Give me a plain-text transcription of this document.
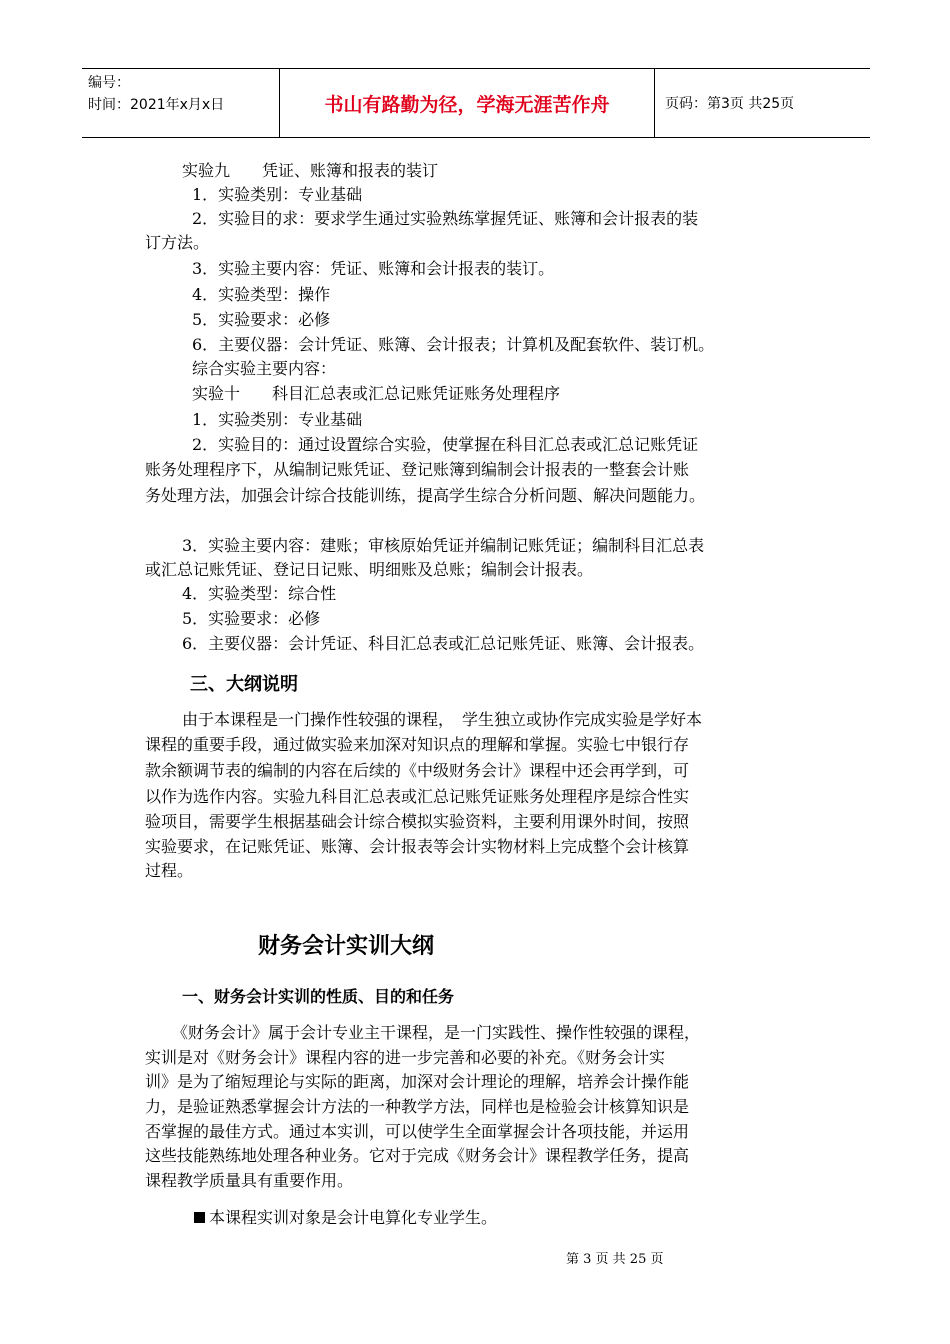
编号：
时间：2021年x月x日	书山有路勤为径，学海无涯苦作舟	页码：第3页 共25页
实验九　　凭证、账簿和报表的装订
1．实验类别：专业基础
2．实验目的求：要求学生通过实验熟练掌握凭证、账簿和会计报表的装
订方法。
3．实验主要内容：凭证、账簿和会计报表的装订。
4．实验类型：操作
5．实验要求：必修
6．主要仪器：会计凭证、账簿、会计报表；计算机及配套软件、装订机。
综合实验主要内容：
实验十　　科目汇总表或汇总记账凭证账务处理程序
1．实验类别：专业基础
2．实验目的：通过设置综合实验，使掌握在科目汇总表或汇总记账凭证
账务处理程序下，从编制记账凭证、登记账簿到编制会计报表的一整套会计账
务处理方法，加强会计综合技能训练，提高学生综合分析问题、解决问题能力。
3．实验主要内容：建账；审核原始凭证并编制记账凭证；编制科目汇总表
或汇总记账凭证、登记日记账、明细账及总账；编制会计报表。
4．实验类型：综合性
5．实验要求：必修
6．主要仪器：会计凭证、科目汇总表或汇总记账凭证、账簿、会计报表。
三、大纲说明
由于本课程是一门操作性较强的课程，　学生独立或协作完成实验是学好本
课程的重要手段，通过做实验来加深对知识点的理解和掌握。实验七中银行存
款余额调节表的编制的内容在后续的《中级财务会计》课程中还会再学到，可
以作为选作内容。实验九科目汇总表或汇总记账凭证账务处理程序是综合性实
验项目，需要学生根据基础会计综合模拟实验资料，主要利用课外时间，按照
实验要求，在记账凭证、账簿、会计报表等会计实物材料上完成整个会计核算
过程。
财务会计实训大纲
一、财务会计实训的性质、目的和任务
《财务会计》属于会计专业主干课程，是一门实践性、操作性较强的课程，
实训是对《财务会计》课程内容的进一步完善和必要的补充。《财务会计实
训》是为了缩短理论与实际的距离，加深对会计理论的理解，培养会计操作能
力，是验证熟悉掌握会计方法的一种教学方法，同样也是检验会计核算知识是
否掌握的最佳方式。通过本实训，可以使学生全面掌握会计各项技能，并运用
这些技能熟练地处理各种业务。它对于完成《财务会计》课程教学任务，提高
课程教学质量具有重要作用。
本课程实训对象是会计电算化专业学生。
第 3 页 共 25 页
